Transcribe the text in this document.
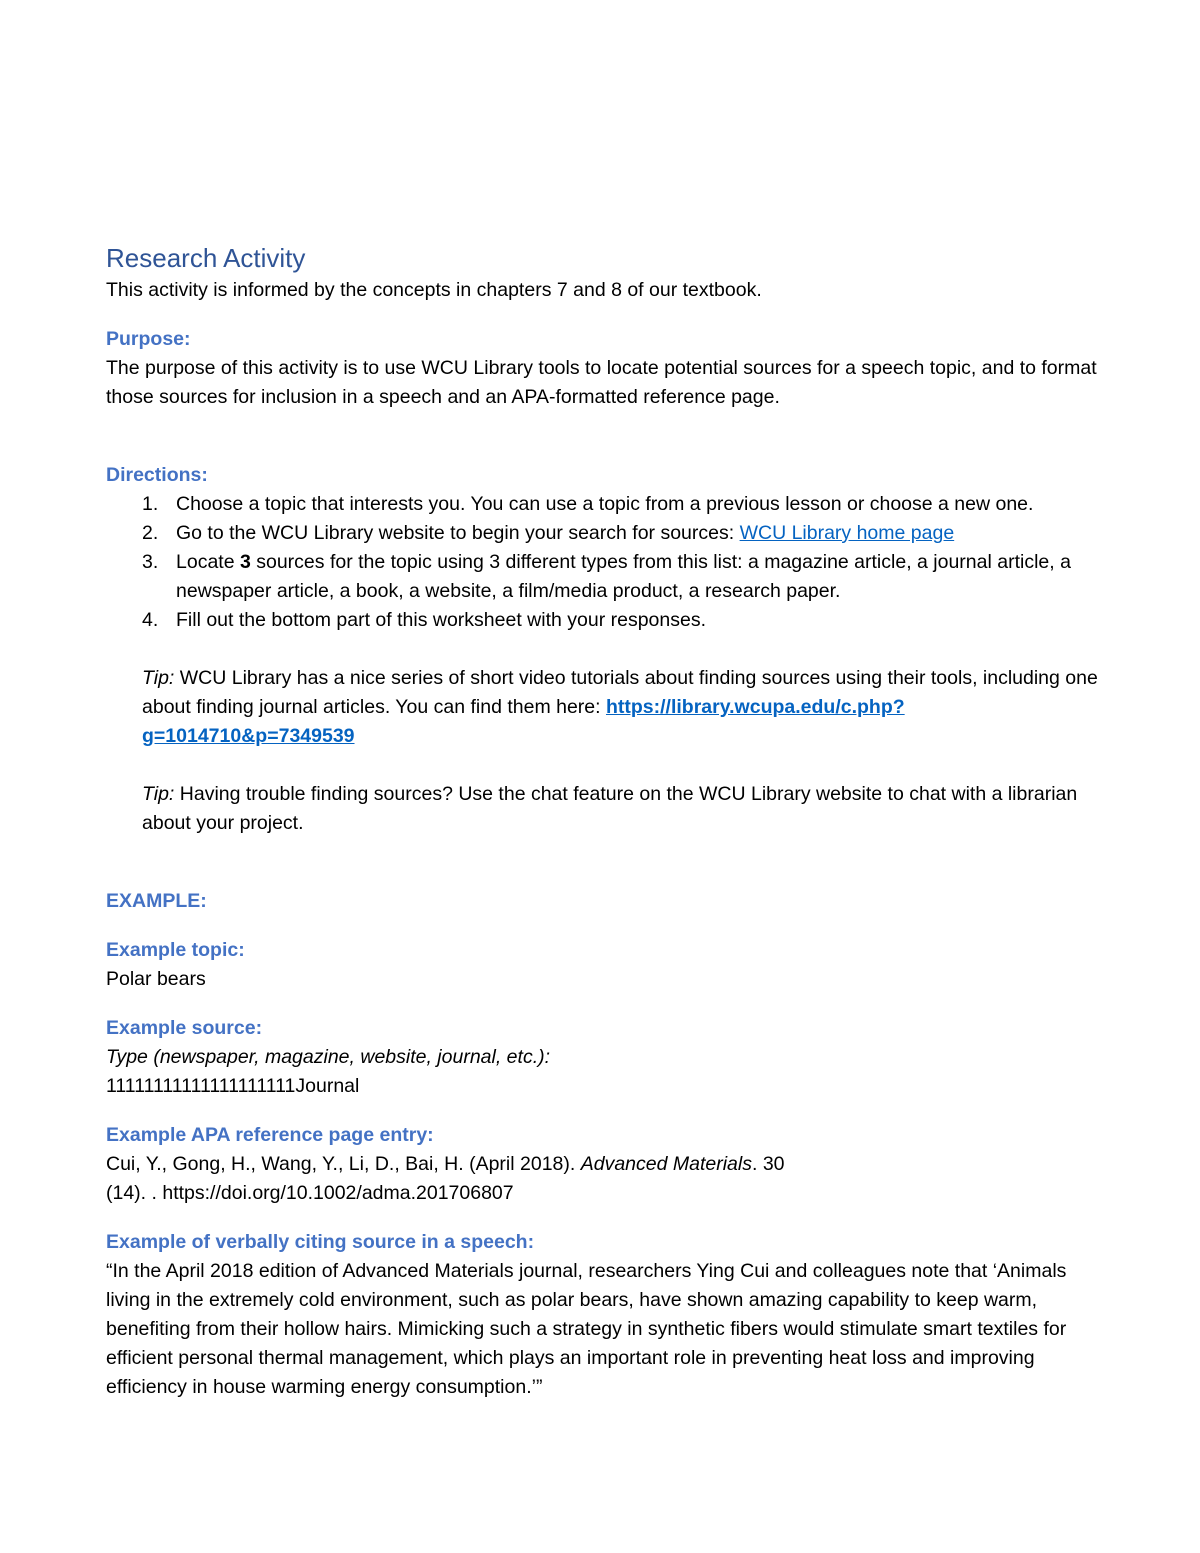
Research Activity

This activity is informed by the concepts in chapters 7 and 8 of our textbook.

Purpose:

The purpose of this activity is to use WCU Library tools to locate potential sources for a speech topic, and to format those sources for inclusion in a speech and an APA-formatted reference page.

Directions:

1. Choose a topic that interests you. You can use a topic from a previous lesson or choose a new one.
2. Go to the WCU Library website to begin your search for sources: WCU Library home page
3. Locate 3 sources for the topic using 3 different types from this list: a magazine article, a journal article, a newspaper article, a book, a website, a film/media product, a research paper.
4. Fill out the bottom part of this worksheet with your responses.

Tip: WCU Library has a nice series of short video tutorials about finding sources using their tools, including one about finding journal articles. You can find them here: https://library.wcupa.edu/c.php?g=1014710&p=7349539

Tip: Having trouble finding sources? Use the chat feature on the WCU Library website to chat with a librarian about your project.

EXAMPLE:

Example topic:

Polar bears

Example source:

Type (newspaper, magazine, website, journal, etc.):

11111111111111111111Journal

Example APA reference page entry:

Cui, Y., Gong, H., Wang, Y., Li, D., Bai, H. (April 2018). Advanced Materials. 30

(14). . https://doi.org/10.1002/adma.201706807

Example of verbally citing source in a speech:

“In the April 2018 edition of Advanced Materials journal, researchers Ying Cui and colleagues note that ‘Animals living in the extremely cold environment, such as polar bears, have shown amazing capability to keep warm, benefiting from their hollow hairs. Mimicking such a strategy in synthetic fibers would stimulate smart textiles for efficient personal thermal management, which plays an important role in preventing heat loss and improving efficiency in house warming energy consumption.’”
